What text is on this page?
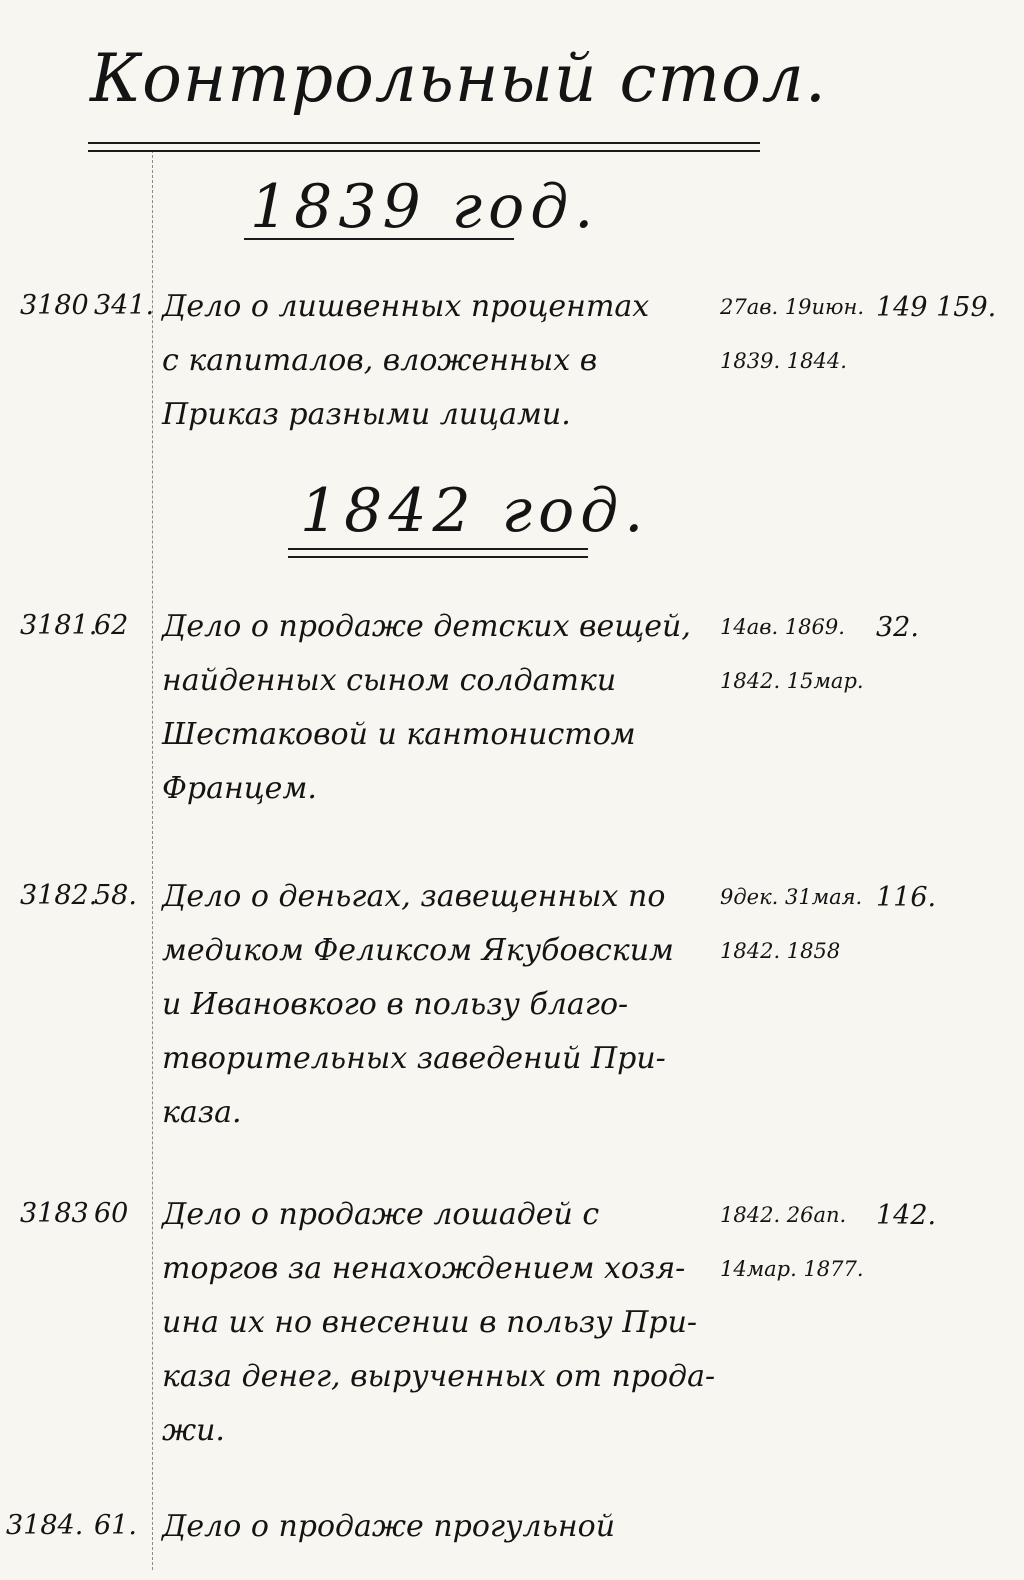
Контрольный стол.
1839 год.
3180 341. Дело о лишвенных процентах
с капиталов, вложенных в
Приказ разными лицами.
27ав. 19июн.
1839. 1844.
149 159.
1842 год.
3181.
62	Дело о продаже детских вещей,
найденных сыном солдатки
Шестаковой и кантонистом
Францем.
14ав. 1869.
1842. 15мар.
32.
3182.
58. Дело о деньгах, завещенных по
медиком Феликсом Якубовским
и Ивановкого в пользу благо-
творительных заведений При-
каза.
9дек. 31мая.
1842. 1858
116.
3183 60	Дело о продаже лошадей с
торгов за ненахождением хозя-
ина их но внесении в пользу При-
каза денег, вырученных от прода-
жи.
1842. 26ап.
14мар. 1877.
142.
3184. 61. Дело о продаже прогульной
